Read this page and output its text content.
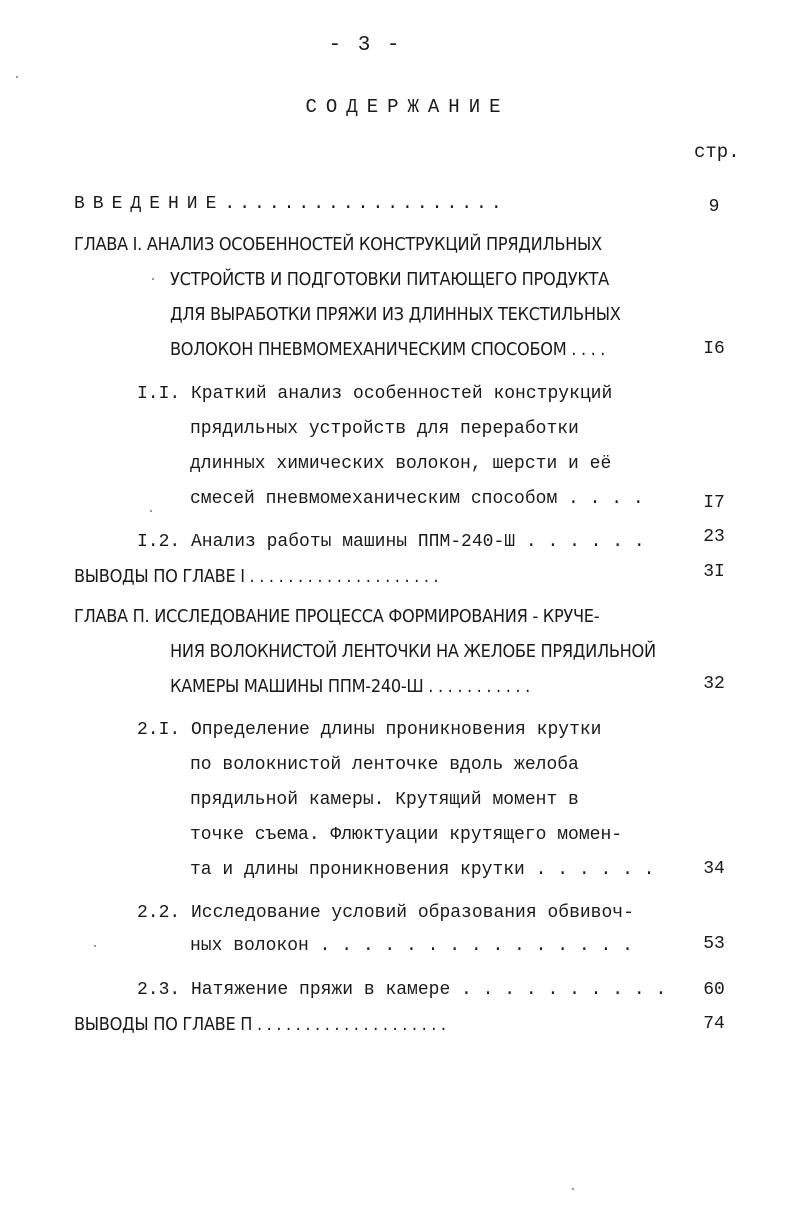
- 3 -
СОДЕРЖАНИЕ
стр.
ВВЕДЕНИЕ...................	9
ГЛАВА I. АНАЛИЗ ОСОБЕННОСТЕЙ КОНСТРУКЦИЙ ПРЯДИЛЬНЫХ
УСТРОЙСТВ И ПОДГОТОВКИ ПИТАЮЩЕГО ПРОДУКТА
ДЛЯ ВЫРАБОТКИ ПРЯЖИ ИЗ ДЛИННЫХ ТЕКСТИЛЬНЫХ
ВОЛОКОН ПНЕВМОМЕХАНИЧЕСКИМ СПОСОБОМ . . . .	I6
I.I. Краткий анализ особенностей конструкций
прядильных устройств для переработки
длинных химических волокон, шерсти и её
смесей пневмомеханическим способом . . . .	I7
I.2. Анализ работы машины ППМ-240-Ш . . . . . .	23
ВЫВОДЫ ПО ГЛАВЕ I . . . . . . . . . . . . . . . . . . . .	3I
ГЛАВА П. ИССЛЕДОВАНИЕ ПРОЦЕССА ФОРМИРОВАНИЯ - КРУЧЕ-
НИЯ ВОЛОКНИСТОЙ ЛЕНТОЧКИ НА ЖЕЛОБЕ ПРЯДИЛЬНОЙ
КАМЕРЫ МАШИНЫ ППМ-240-Ш . . . . . . . . . . .	32
2.I. Определение длины проникновения крутки
по волокнистой ленточке вдоль желоба
прядильной камеры. Крутящий момент в
точке съема. Флюктуации крутящего момен-
та и длины проникновения крутки . . . . . .	34
2.2. Исследование условий образования обвивоч-
ных волокон . . . . . . . . . . . . . . .	53
2.3. Натяжение пряжи в камере . . . . . . . . . . 60
ВЫВОДЫ ПО ГЛАВЕ П . . . . . . . . . . . . . . . . . . . .	74
